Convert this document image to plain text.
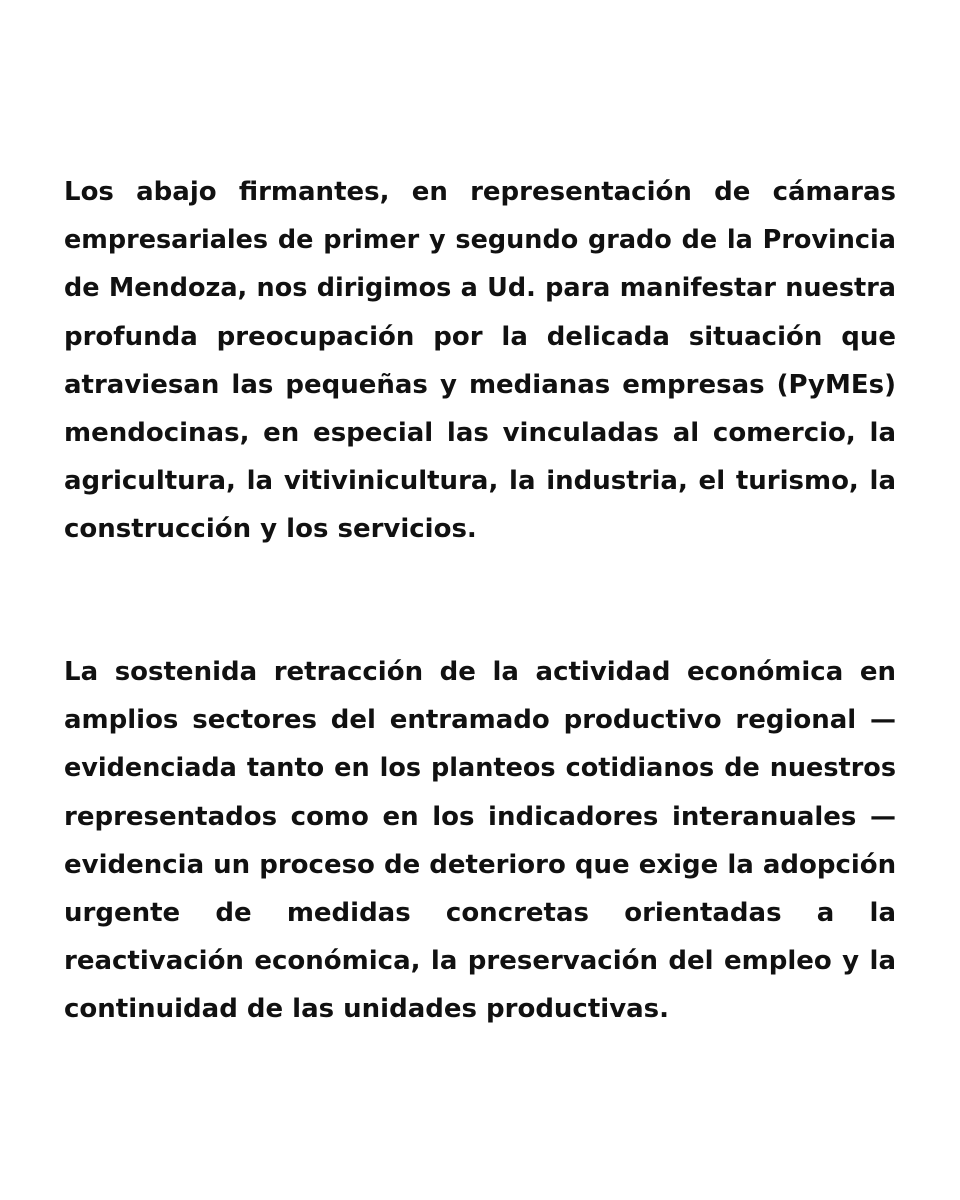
Los abajo firmantes, en representación de cámaras
empresariales de primer y segundo grado de la Provincia
de Mendoza, nos dirigimos a Ud. para manifestar nuestra
profunda preocupación por la delicada situación que
atraviesan las pequeñas y medianas empresas (PyMEs)
mendocinas, en especial las vinculadas al comercio, la
agricultura, la vitivinicultura, la industria, el turismo, la
construcción y los servicios.

La sostenida retracción de la actividad económica en
amplios sectores del entramado productivo regional —
evidenciada tanto en los planteos cotidianos de nuestros
representados como en los indicadores interanuales —
evidencia un proceso de deterioro que exige la adopción
urgente de medidas concretas orientadas a la
reactivación económica, la preservación del empleo y la
continuidad de las unidades productivas.
